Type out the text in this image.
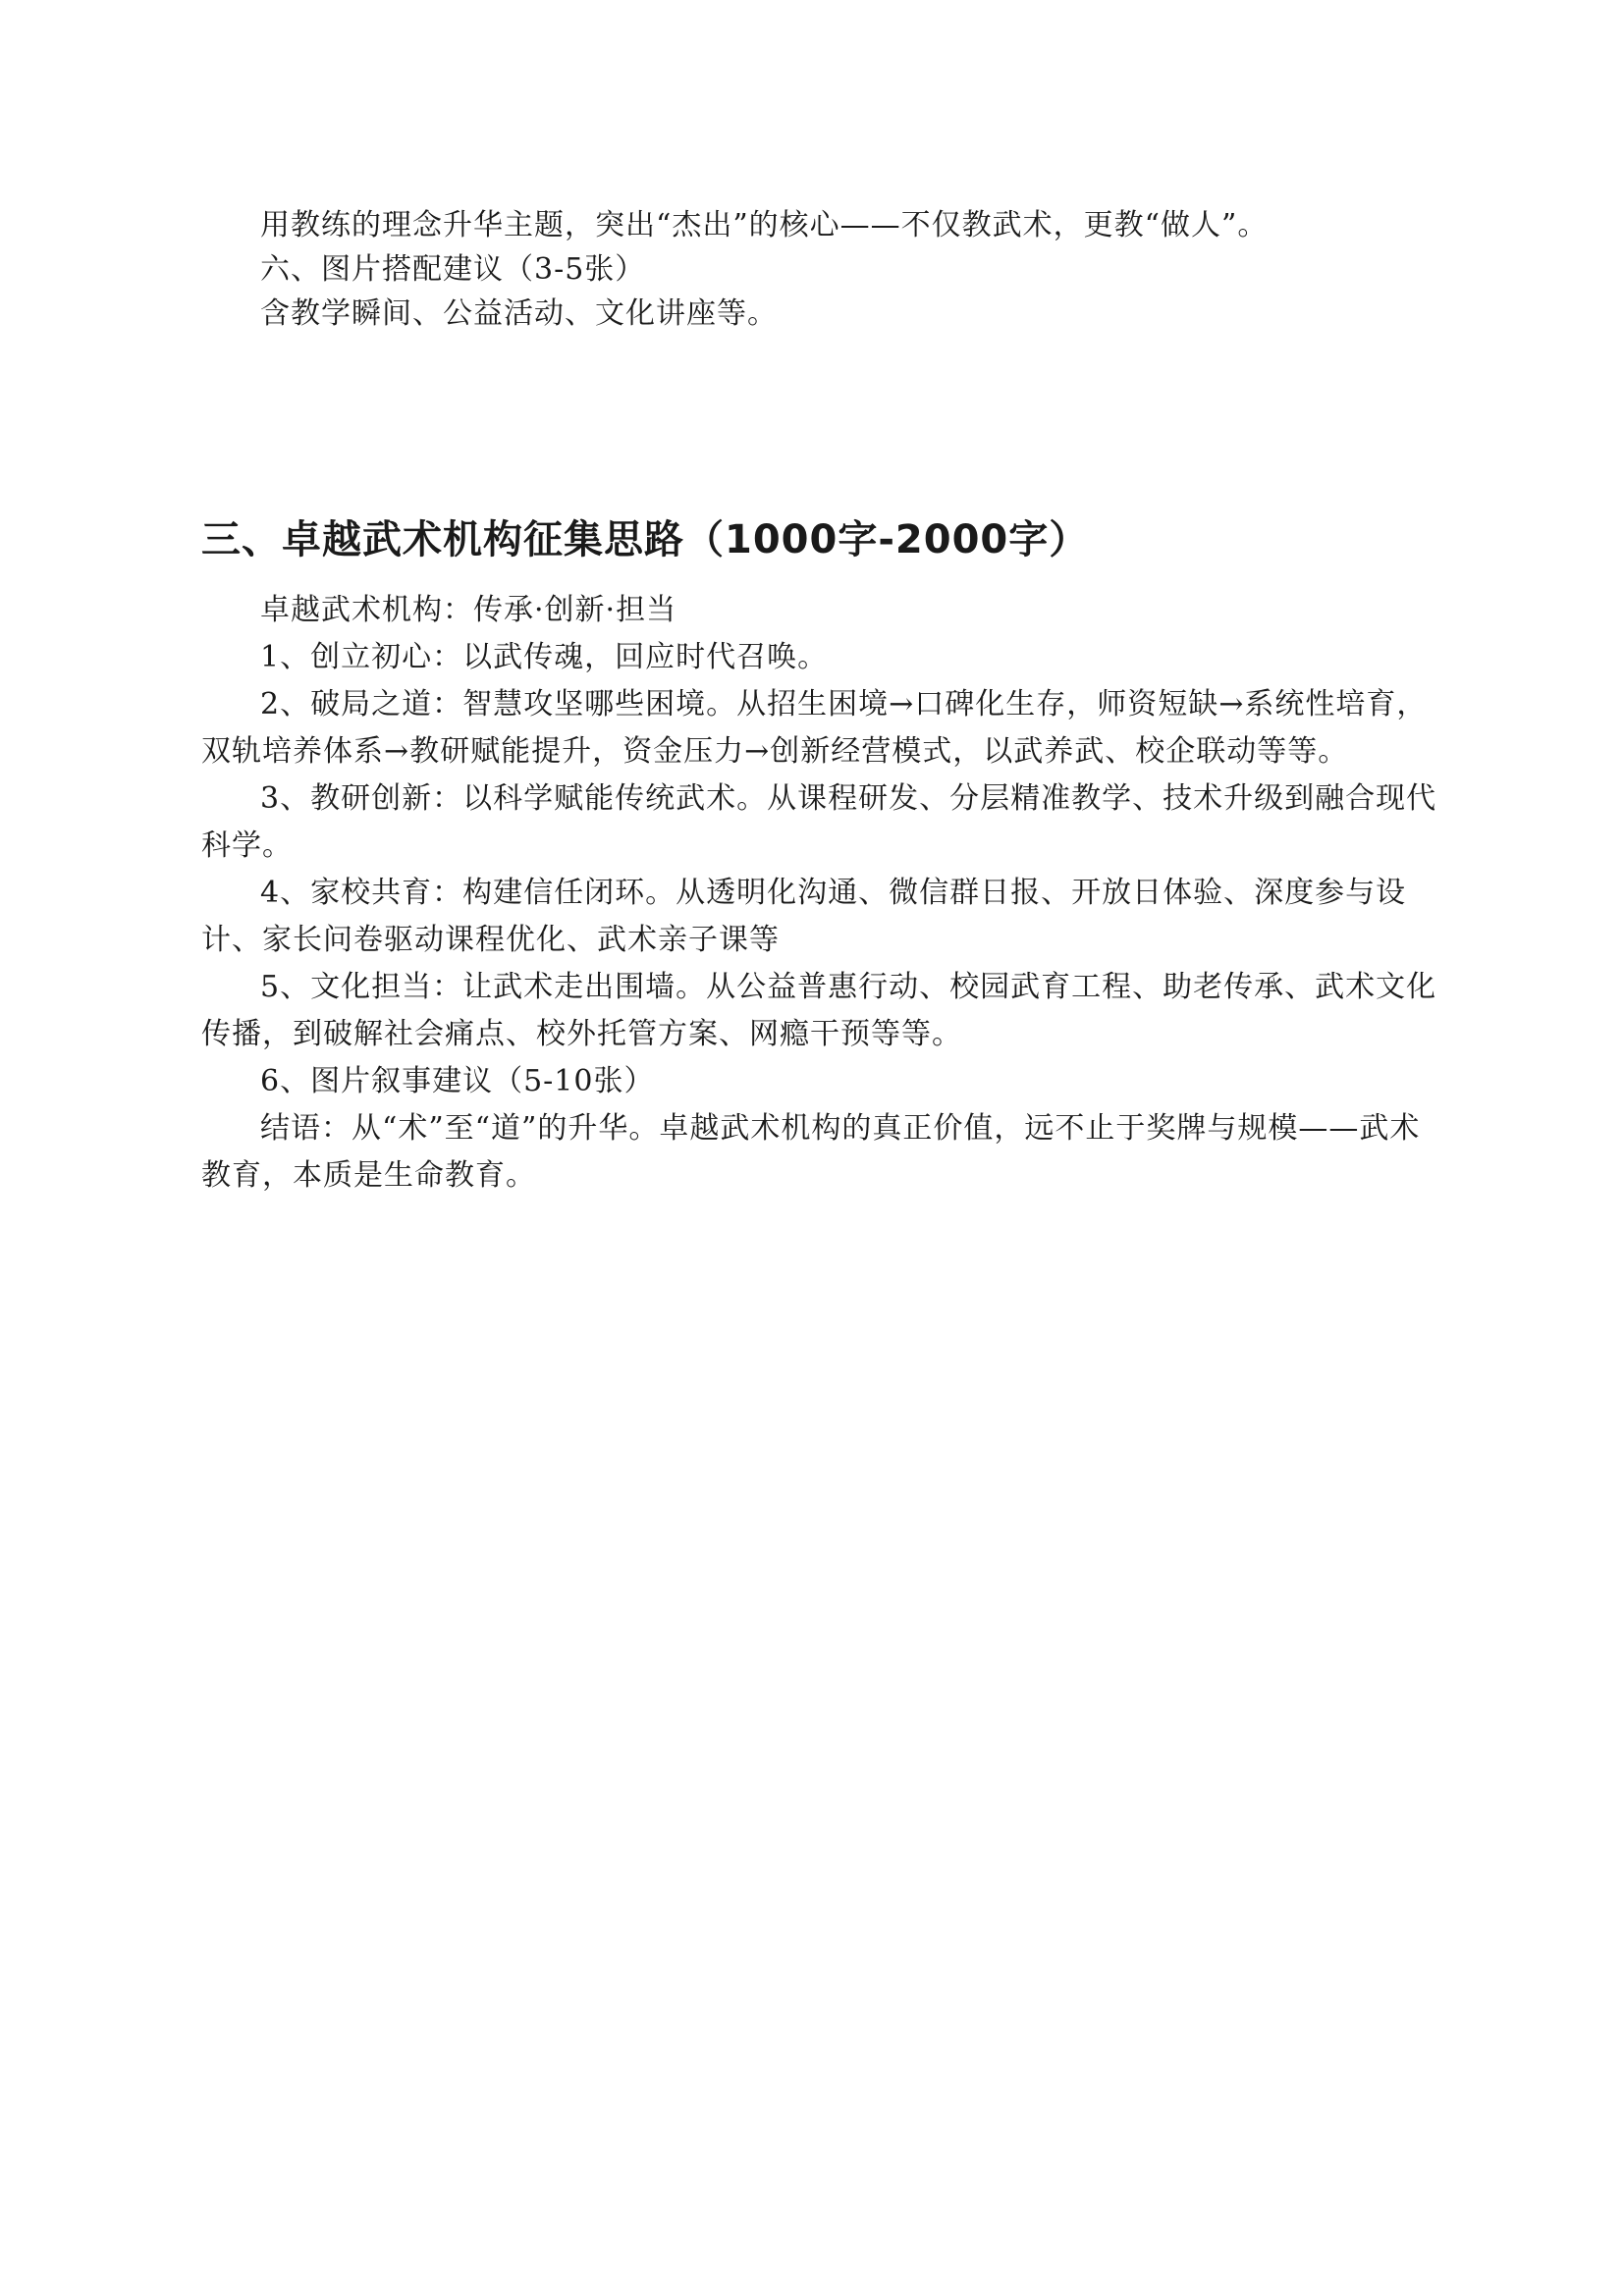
用教练的理念升华主题，突出“杰出”的核心——不仅教武术，更教“做人”。

六、图片搭配建议（3-5张）

含教学瞬间、公益活动、文化讲座等。

三、卓越武术机构征集思路（1000字-2000字）

卓越武术机构：传承·创新·担当

1、创立初心：以武传魂，回应时代召唤。

2、破局之道：智慧攻坚哪些困境。从招生困境→口碑化生存，师资短缺→系统性培育，双轨培养体系→教研赋能提升，资金压力→创新经营模式，以武养武、校企联动等等。

3、教研创新：以科学赋能传统武术。从课程研发、分层精准教学、技术升级到融合现代科学。

4、家校共育：构建信任闭环。从透明化沟通、微信群日报、开放日体验、深度参与设计、家长问卷驱动课程优化、武术亲子课等

5、文化担当：让武术走出围墙。从公益普惠行动、校园武育工程、助老传承、武术文化传播，到破解社会痛点、校外托管方案、网瘾干预等等。

6、图片叙事建议（5-10张）

结语：从“术”至“道”的升华。卓越武术机构的真正价值，远不止于奖牌与规模——武术教育，本质是生命教育。
